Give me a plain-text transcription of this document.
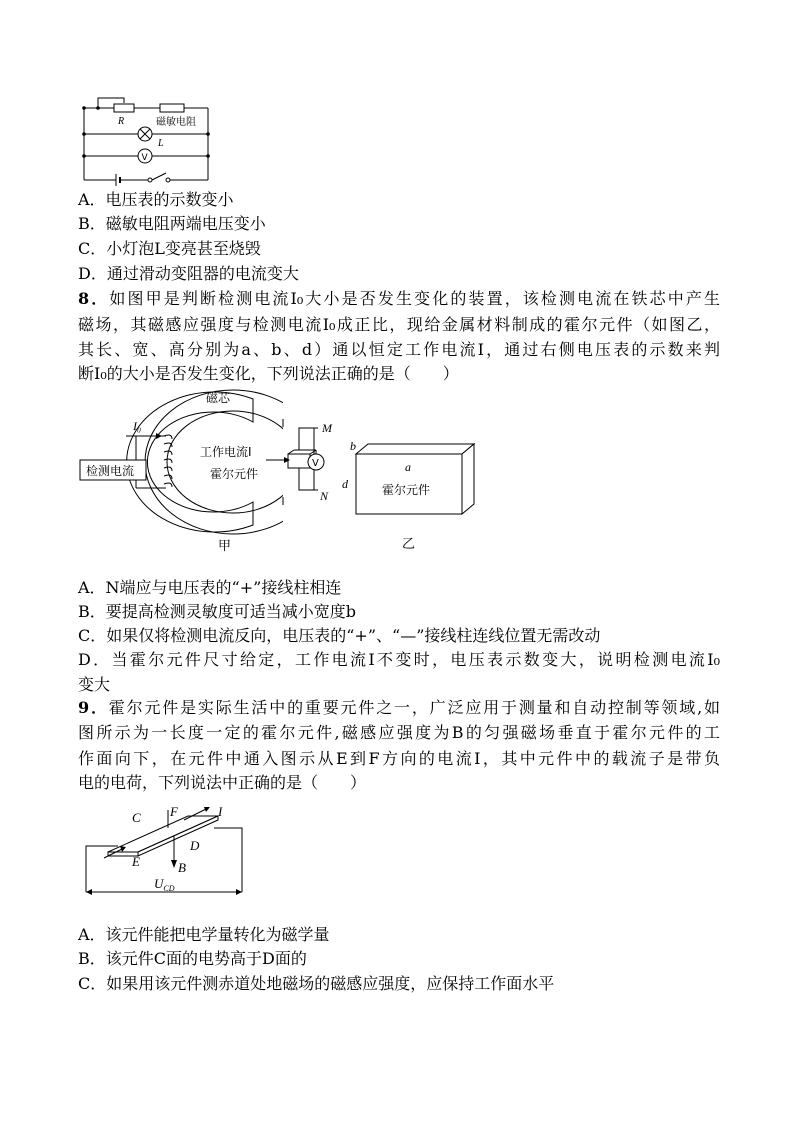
R	磁敏电阻
L
V
A．电压表的示数变小
B．磁敏电阻两端电压变小
C．小灯泡L变亮甚至烧毁
D．通过滑动变阻器的电流变大
8．如图甲是判断检测电流I₀大小是否发生变化的装置，该检测电流在铁芯中产生
磁场，其磁感应强度与检测电流I₀成正比，现给金属材料制成的霍尔元件（如图乙，
其长、宽、高分别为a、b、d）通以恒定工作电流I，通过右侧电压表的示数来判
断I₀的大小是否发生变化，下列说法正确的是（　　）
磁芯
I₀
检测电流
工作电流I
霍尔元件
M
N
V
甲
b
a
d	霍尔元件
乙
A．N端应与电压表的“+”接线柱相连
B．要提高检测灵敏度可适当减小宽度b
C．如果仅将检测电流反向，电压表的“+”、“—”接线柱连线位置无需改动
D．当霍尔元件尺寸给定，工作电流I不变时，电压表示数变大，说明检测电流I₀
变大
9．霍尔元件是实际生活中的重要元件之一，广泛应用于测量和自动控制等领域,如
图所示为一长度一定的霍尔元件,磁感应强度为B的匀强磁场垂直于霍尔元件的工
作面向下，在元件中通入图示从E到F方向的电流I，其中元件中的载流子是带负
电的电荷，下列说法中正确的是（　　）
C F	I
D
E	B
$U_{CD}$
A．该元件能把电学量转化为磁学量
B．该元件C面的电势高于D面的
C．如果用该元件测赤道处地磁场的磁感应强度，应保持工作面水平
